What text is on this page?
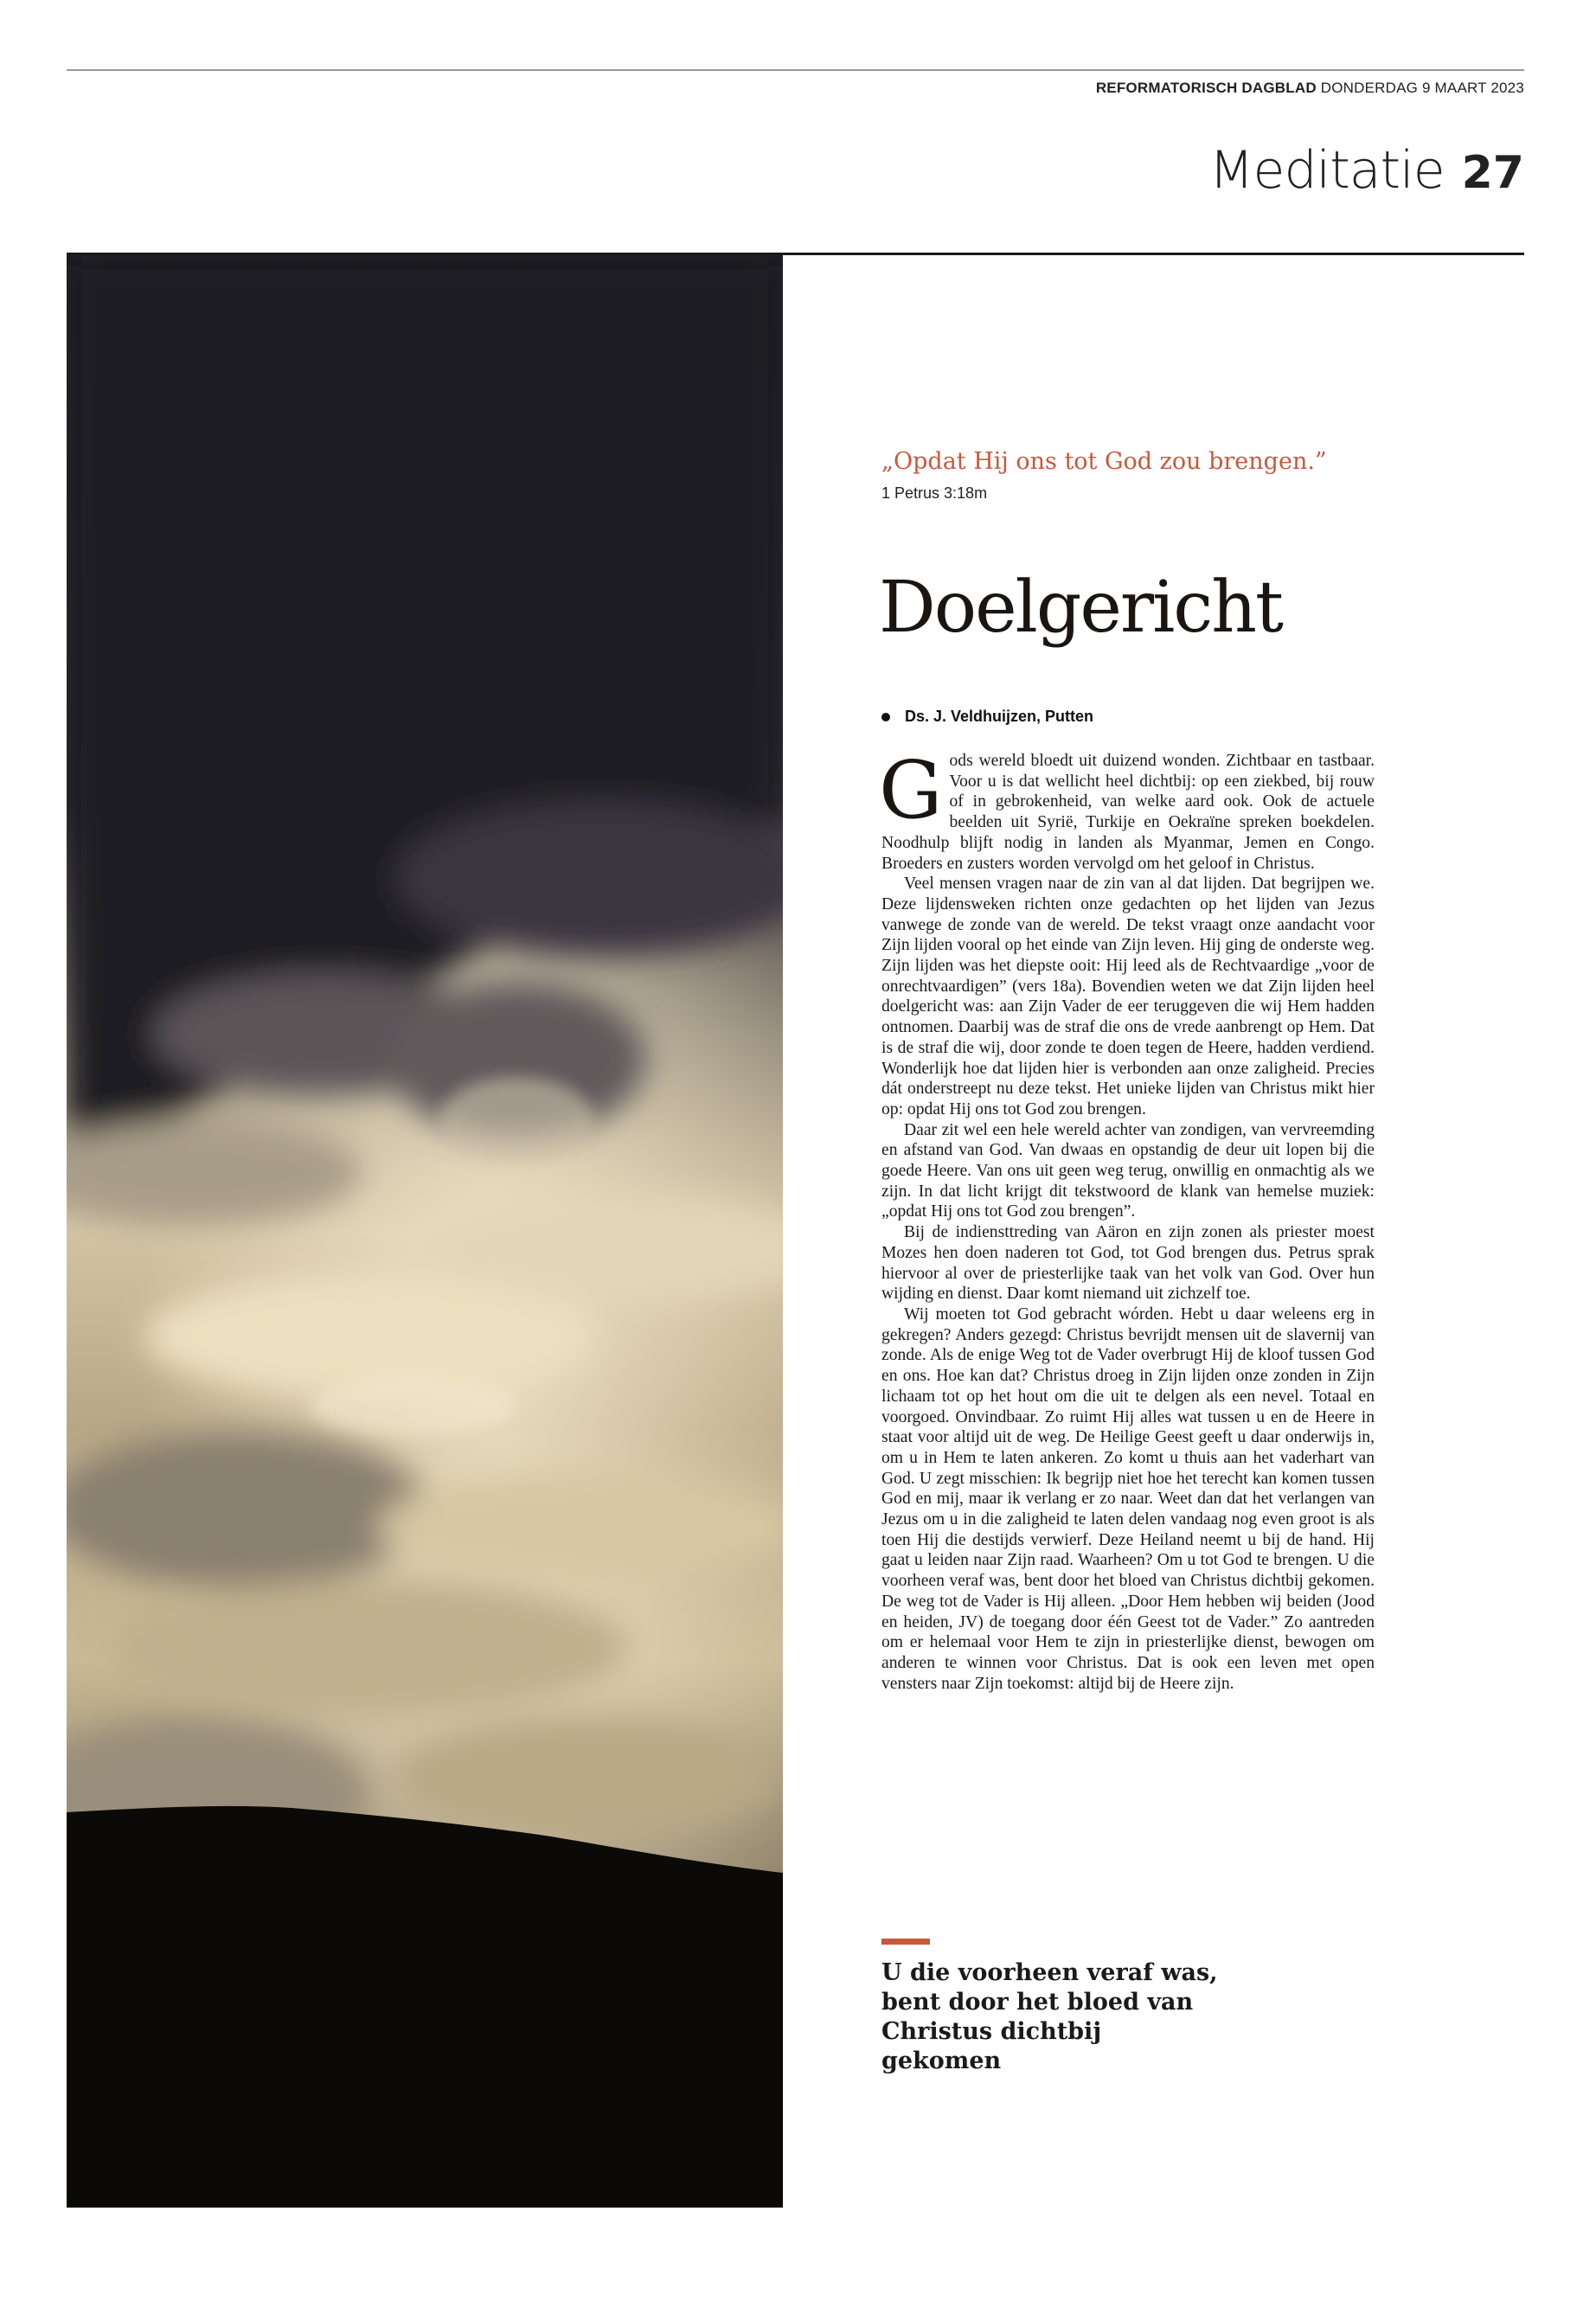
REFORMATORISCH DAGBLAD DONDERDAG 9 MAART 2023
Meditatie 27
„Opdat Hij ons tot God zou brengen.”
1 Petrus 3:18m
Doelgericht
Ds. J. Veldhuijzen, Putten

Gods wereld bloedt uit duizend wonden. Zichtbaar en tastbaar. Voor u is dat wellicht heel dichtbij: op een ziekbed, bij rouw of in gebrokenheid, van welke aard ook. Ook de actuele beelden uit Syrië, Turkije en Oekraïne spreken boekdelen. Noodhulp blijft nodig in landen als Myanmar, Jemen en Congo. Broeders en zusters worden vervolgd om het geloof in Christus.

Veel mensen vragen naar de zin van al dat lijden. Dat begrijpen we. Deze lijdensweken richten onze gedachten op het lijden van Jezus vanwege de zonde van de wereld. De tekst vraagt onze aandacht voor Zijn lijden vooral op het einde van Zijn leven. Hij ging de onderste weg. Zijn lijden was het diepste ooit: Hij leed als de Rechtvaardige „voor de onrechtvaardigen” (vers 18a). Bovendien weten we dat Zijn lijden heel doelgericht was: aan Zijn Vader de eer teruggeven die wij Hem hadden ontnomen. Daarbij was de straf die ons de vrede aanbrengt op Hem. Dat is de straf die wij, door zonde te doen tegen de Heere, hadden verdiend. Wonderlijk hoe dat lijden hier is verbonden aan onze zaligheid. Precies dát onderstreept nu deze tekst. Het unieke lijden van Christus mikt hier op: opdat Hij ons tot God zou brengen.

Daar zit wel een hele wereld achter van zondigen, van vervreemding en afstand van God. Van dwaas en opstandig de deur uit lopen bij die goede Heere. Van ons uit geen weg terug, onwillig en onmachtig als we zijn. In dat licht krijgt dit tekstwoord de klank van hemelse muziek: „opdat Hij ons tot God zou brengen”.

Bij de indiensttreding van Aäron en zijn zonen als priester moest Mozes hen doen naderen tot God, tot God brengen dus. Petrus sprak hiervoor al over de priesterlijke taak van het volk van God. Over hun wijding en dienst. Daar komt niemand uit zichzelf toe.

Wij moeten tot God gebracht wórden. Hebt u daar weleens erg in gekregen? Anders gezegd: Christus bevrijdt mensen uit de slavernij van zonde. Als de enige Weg tot de Vader overbrugt Hij de kloof tussen God en ons. Hoe kan dat? Christus droeg in Zijn lijden onze zonden in Zijn lichaam tot op het hout om die uit te delgen als een nevel. Totaal en voorgoed. Onvindbaar. Zo ruimt Hij alles wat tussen u en de Heere in staat voor altijd uit de weg. De Heilige Geest geeft u daar onderwijs in, om u in Hem te laten ankeren. Zo komt u thuis aan het vaderhart van God. U zegt misschien: Ik begrijp niet hoe het terecht kan komen tussen God en mij, maar ik verlang er zo naar. Weet dan dat het verlangen van Jezus om u in die zaligheid te laten delen vandaag nog even groot is als toen Hij die destijds verwierf. Deze Heiland neemt u bij de hand. Hij gaat u leiden naar Zijn raad. Waarheen? Om u tot God te brengen. U die voorheen veraf was, bent door het bloed van Christus dichtbij gekomen. De weg tot de Vader is Hij alleen. „Door Hem hebben wij beiden (Jood en heiden, JV) de toegang door één Geest tot de Vader.” Zo aantreden om er helemaal voor Hem te zijn in priesterlijke dienst, bewogen om anderen te winnen voor Christus. Dat is ook een leven met open vensters naar Zijn toekomst: altijd bij de Heere zijn.

U die voorheen veraf was, bent door het bloed van Christus dichtbij gekomen
